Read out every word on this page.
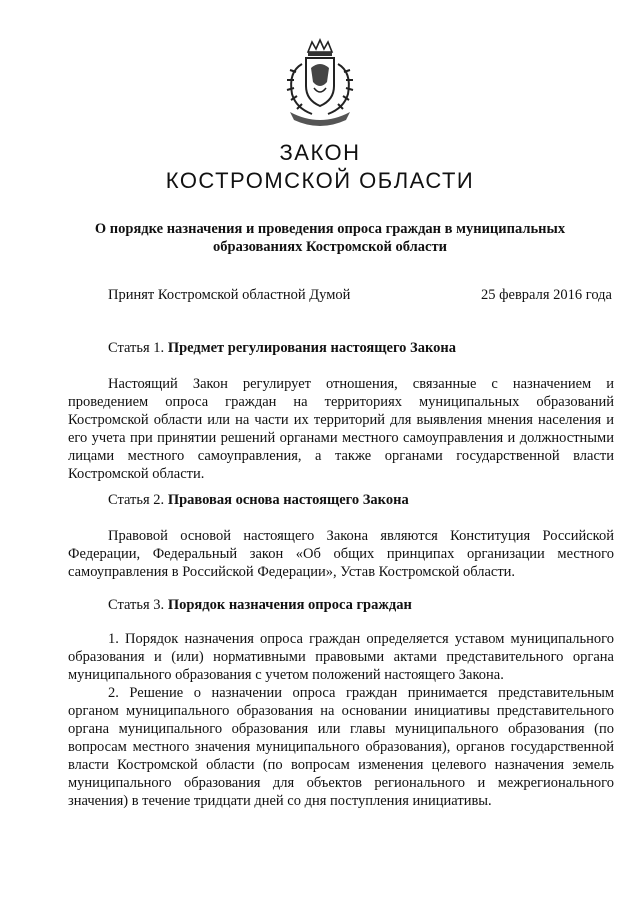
ЗАКОН
КОСТРОМСКОЙ ОБЛАСТИ
О порядке назначения и проведения опроса граждан в муниципальных образованиях Костромской области
Принят Костромской областной Думой	25 февраля 2016 года
Статья 1. Предмет регулирования настоящего Закона

Настоящий Закон регулирует отношения, связанные с назначением и проведением опроса граждан на территориях муниципальных образований Костромской области или на части их территорий для выявления мнения населения и его учета при принятии решений органами местного самоуправления и должностными лицами местного самоуправления, а также органами государственной власти Костромской области.

Статья 2. Правовая основа настоящего Закона

Правовой основой настоящего Закона являются Конституция Российской Федерации, Федеральный закон «Об общих принципах организации местного самоуправления в Российской Федерации», Устав Костромской области.

Статья 3. Порядок назначения опроса граждан

1. Порядок назначения опроса граждан определяется уставом муниципального образования и (или) нормативными правовыми актами представительного органа муниципального образования с учетом положений настоящего Закона.

2. Решение о назначении опроса граждан принимается представительным органом муниципального образования на основании инициативы представительного органа муниципального образования или главы муниципального образования (по вопросам местного значения муниципального образования), органов государственной власти Костромской области (по вопросам изменения целевого назначения земель муниципального образования для объектов регионального и межрегионального значения) в течение тридцати дней со дня поступления инициативы.
